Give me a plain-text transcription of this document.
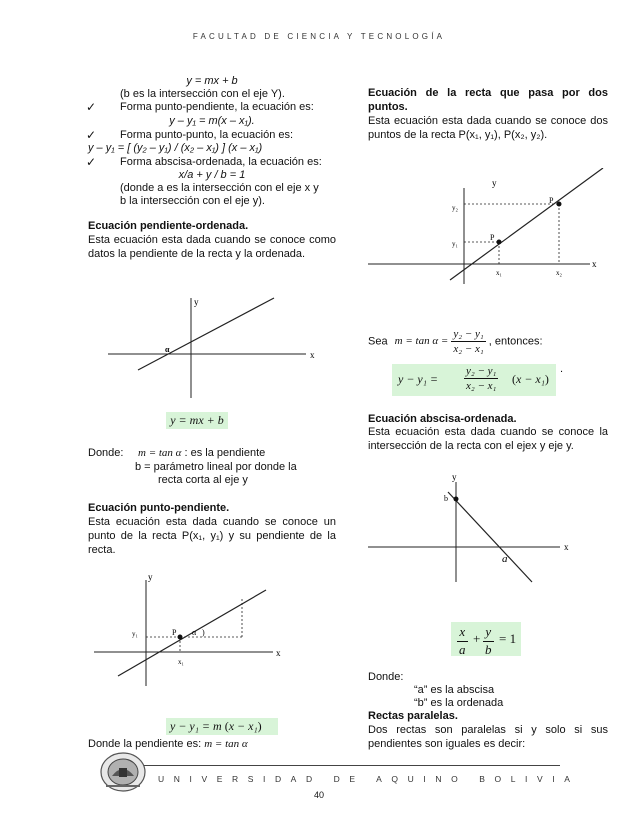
FACULTAD DE CIENCIA Y TECNOLOGÍA
y = mx + b
(b es la intersección con el eje Y).
✓ Forma punto-pendiente, la ecuación es:
y – y₁ = m(x – x₁).
✓ Forma punto-punto, la ecuación es:
y – y₁ = [ (y₂ – y₁) / (x₂ – x₁) ] (x – x₁)
✓ Forma abscisa-ordenada, la ecuación es:
x/a + y / b = 1
(donde a es la intersección con el eje x y
b la intersección con el eje y).
Ecuación pendiente-ordenada.
Esta ecuación esta dada cuando se conoce como datos la pendiente de la recta y la ordenada.
y
x
α
y = mx + b
Donde:	m = tan α : es la pendiente
b = parámetro lineal por donde la
recta corta al eje y
Ecuación punto-pendiente.
Esta ecuación esta dada cuando se conoce un punto de la recta P(x₁, y₁) y su pendiente de la recta.
y
x
y₁
x₁
P α )
y − y₁ = m (x − x₁)
Donde la pendiente es: m = tan α
Ecuación de la recta que pasa por dos puntos.
Esta ecuación esta dada cuando se conoce dos puntos de la recta P(x₁, y₁), P(x₂, y₂).
y
x
y₂
y₁
x₁	x₂
P
P
Sea $m = \tan \alpha = \frac{\text{y₂ − y₁}}{\text{x₂ − x₁}}$ , entonces:
$y - y_1 = \frac{\text{y₂ − y₁}}{\text{x₂ − x₁}} (x - x_1)$
.
Ecuación abscisa-ordenada.
Esta ecuación esta dada cuando se conoce la intersección de la recta con el ejex y eje y.
y
x
b
a
$\frac{x}{a} + \frac{y}{b} = 1$
Donde:
“a” es la abscisa
“b” es la ordenada
Rectas paralelas.
Dos rectas son paralelas si y solo si sus pendientes son iguales es decir:
UNIVERSIDAD DE AQUINO BOLIVIA
40
